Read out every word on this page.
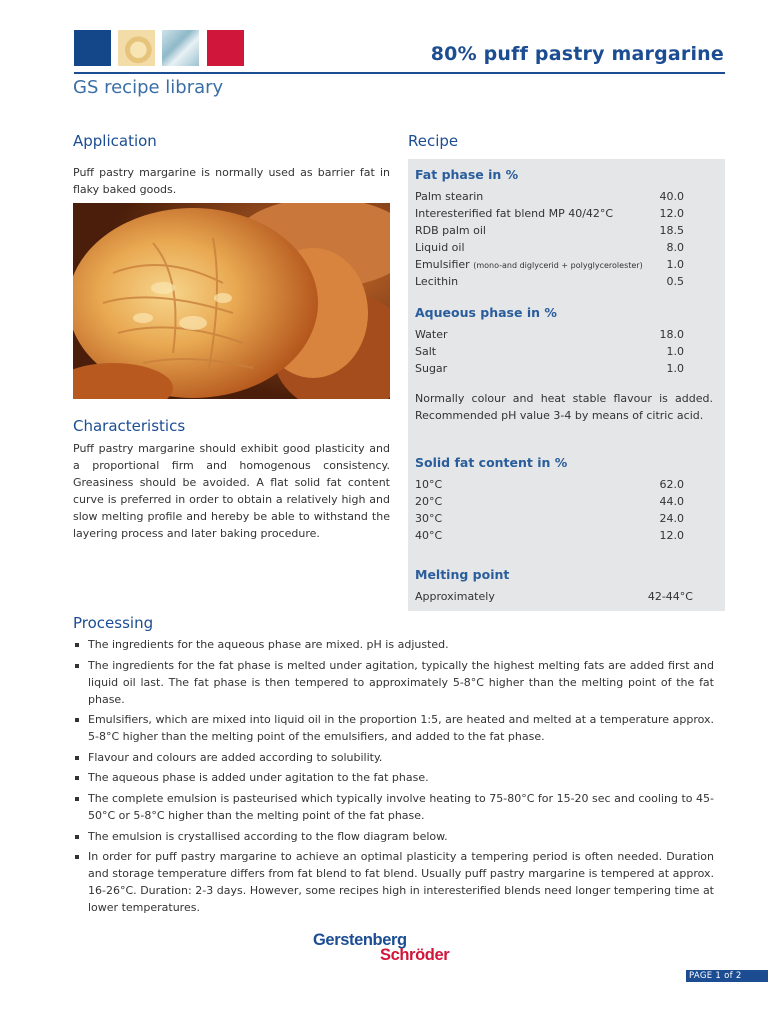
80% puff pastry margarine
GS recipe library
Application

Puff pastry margarine is normally used as barrier fat in flaky baked goods.

Characteristics

Puff pastry margarine should exhibit good plasticity and a proportional firm and homogenous consistency. Greasiness should be avoided. A flat solid fat content curve is preferred in order to obtain a relatively high and slow melting profile and hereby be able to withstand the layering process and later baking procedure.

Recipe
Fat phase in %
Palm stearin	40.0
Interesterified fat blend MP 40/42°C	12.0
RDB palm oil	18.5
Liquid oil	8.0
Emulsifier (mono-and diglycerid + polyglycerolester) 1.0
Lecithin	0.5
Aqueous phase in %
Water	18.0
Salt	1.0
Sugar	1.0

Normally colour and heat stable flavour is added. Recommended pH value 3-4 by means of citric acid.

Solid fat content in %
10°C	62.0
20°C	44.0
30°C	24.0
40°C	12.0
Melting point
Approximately	42-44°C
Processing
The ingredients for the aqueous phase are mixed. pH is adjusted.
The ingredients for the fat phase is melted under agitation, typically the highest melting fats are added first and liquid oil last. The fat phase is then tempered to approximately 5-8°C higher than the melting point of the fat phase.
Emulsifiers, which are mixed into liquid oil in the proportion 1:5, are heated and melted at a temperature approx. 5-8°C higher than the melting point of the emulsifiers, and added to the fat phase.
Flavour and colours are added according to solubility.
The aqueous phase is added under agitation to the fat phase.
The complete emulsion is pasteurised which typically involve heating to 75-80°C for 15-20 sec and cooling to 45-50°C or 5-8°C higher than the melting point of the fat phase.
The emulsion is crystallised according to the flow diagram below.
In order for puff pastry margarine to achieve an optimal plasticity a tempering period is often needed. Duration and storage temperature differs from fat blend to fat blend. Usually puff pastry margarine is tempered at approx. 16-26°C. Duration: 2-3 days. However, some recipes high in interesterified blends need longer tempering time at lower temperatures.
Gerstenberg
Schröder
PAGE 1 of 2
